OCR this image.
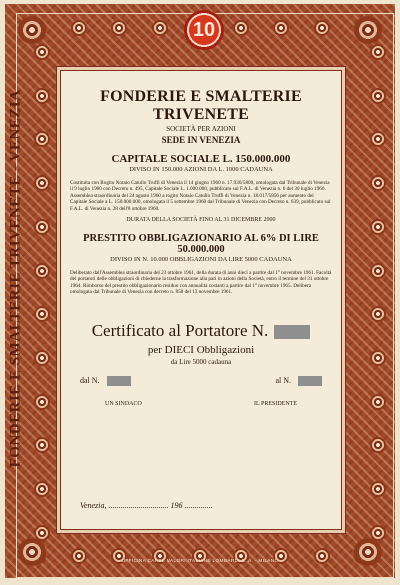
10
FONDERIE E SMALTERIE TRIVENETE - VENEZIA	FONDERIE E SMALTERIE TRIVENETE
SOCIETÀ PER AZIONI
SEDE IN VENEZIA
CAPITALE SOCIALE L. 150.000.000
DIVISO IN 150.000 AZIONI DA L. 1000 CADAUNA
Costituita con Rogito Notaio Catullo Truffi di Venezia il 14 giugno 1960 n. 17.930/5800, omologata dal Tribunale di Venezia il 9 luglio 1960 con Decreto n. 495, Capitale Sociale L. 1.000.000, pubblicato sul F.A.L. di Venezia n. 6 del 30 luglio 1960. Assemblea straordinaria del 24 agosto 1960 a rogito Notaio Catullo Truffi di Venezia n. 18.017/5856 per aumento del Capitale Sociale a L. 150.000.000, omologata il 5 settembre 1960 dal Tribunale di Venezia con Decreto n. 639, pubblicato sul F.A.L. di Venezia n. 28 dell'8 ottobre 1960.
DURATA DELLA SOCIETÀ FINO AL 31 DICEMBRE 2000
PRESTITO OBBLIGAZIONARIO AL 6% DI LIRE 50.000.000
DIVISO IN N. 10.000 OBBLIGAZIONI DA LIRE 5000 CADAUNA
Deliberato dall'Assemblea straordinaria del 23 ottobre 1961, della durata di anni dieci a partire dal 1° novembre 1961. Facoltà dei portatori delle obbligazioni di chiederne la trasformazione alla pari in azioni della Società, entro il termine del 31 ottobre 1964. Rimborso del prestito obbligazionario residuo con annualità costanti a partire dal 1° novembre 1965. Delibera omologata dal Tribunale di Venezia con decreto n. 858 del 13 novembre 1961.
Certificato al Portatore N.
per DIECI Obbligazioni
da Lire 5000 cadauna
dal N.	al N.
UN SINDACO	IL PRESIDENTE
Venezia, .............................. 196 ..............
OFFICINA CARTE VALORI ITALIANE LOMBARDI S. A. - MILANO
